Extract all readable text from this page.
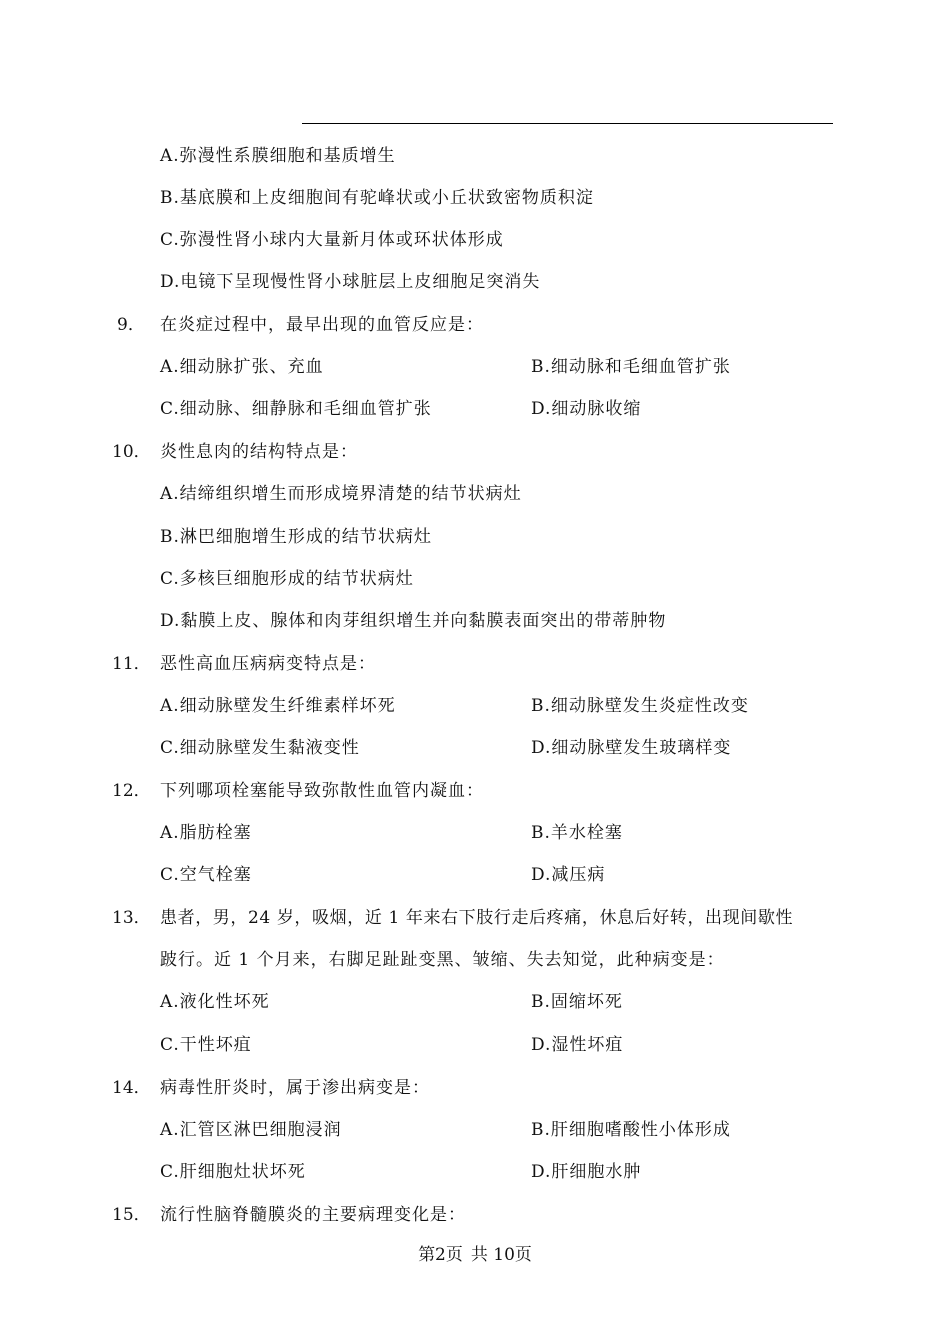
A.弥漫性系膜细胞和基质增生
B.基底膜和上皮细胞间有驼峰状或小丘状致密物质积淀
C.弥漫性肾小球内大量新月体或环状体形成
D.电镜下呈现慢性肾小球脏层上皮细胞足突消失
9． 在炎症过程中，最早出现的血管反应是：
A.细动脉扩张、充血	B.细动脉和毛细血管扩张
C.细动脉、细静脉和毛细血管扩张	D.细动脉收缩
10． 炎性息肉的结构特点是：
A.结缔组织增生而形成境界清楚的结节状病灶
B.淋巴细胞增生形成的结节状病灶
C.多核巨细胞形成的结节状病灶
D.黏膜上皮、腺体和肉芽组织增生并向黏膜表面突出的带蒂肿物
11． 恶性高血压病病变特点是：
A.细动脉壁发生纤维素样坏死	B.细动脉壁发生炎症性改变
C.细动脉壁发生黏液变性	D.细动脉壁发生玻璃样变
12． 下列哪项栓塞能导致弥散性血管内凝血：
A.脂肪栓塞	B.羊水栓塞
C.空气栓塞	D.减压病
13． 患者，男，24 岁，吸烟，近 1 年来右下肢行走后疼痛，休息后好转，出现间歇性
跛行。近 1 个月来，右脚足趾趾变黑、皱缩、失去知觉，此种病变是：
A.液化性坏死	B.固缩坏死
C.干性坏疽	D.湿性坏疽
14． 病毒性肝炎时，属于渗出病变是：
A.汇管区淋巴细胞浸润	B.肝细胞嗜酸性小体形成
C.肝细胞灶状坏死	D.肝细胞水肿
15． 流行性脑脊髓膜炎的主要病理变化是：
第2页 共 10页
